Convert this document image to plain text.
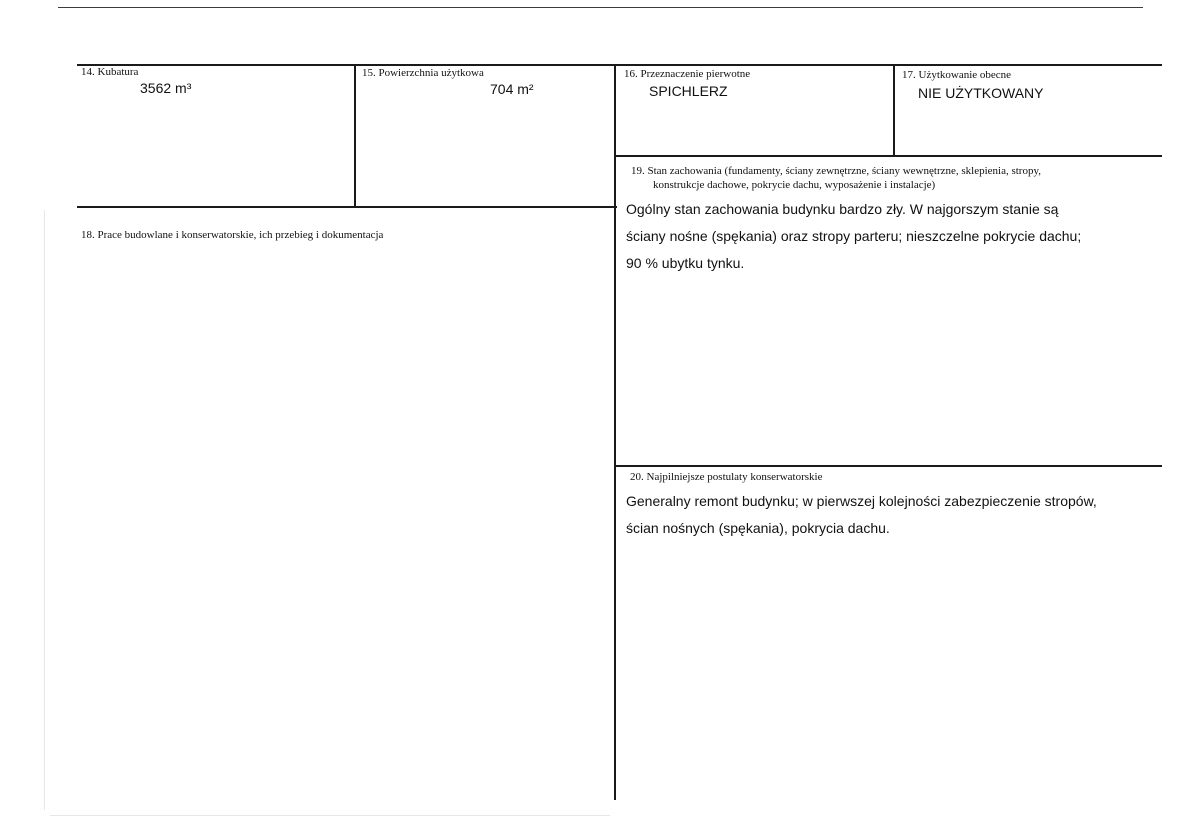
14. Kubatura
3562 m³
15. Powierzchnia użytkowa
704 m²
16. Przeznaczenie pierwotne
SPICHLERZ
17. Użytkowanie obecne
NIE UŻYTKOWANY
18. Prace budowlane i konserwatorskie, ich przebieg i dokumentacja
19. Stan zachowania (fundamenty, ściany zewnętrzne, ściany wewnętrzne, sklepienia, stropy,
konstrukcje dachowe, pokrycie dachu, wyposażenie i instalacje)
Ogólny stan zachowania budynku bardzo zły. W najgorszym stanie są
ściany nośne (spękania) oraz stropy parteru; nieszczelne pokrycie dachu;
90 % ubytku tynku.
20. Najpilniejsze postulaty konserwatorskie
Generalny remont budynku; w pierwszej kolejności zabezpieczenie stropów,
ścian nośnych (spękania), pokrycia dachu.
